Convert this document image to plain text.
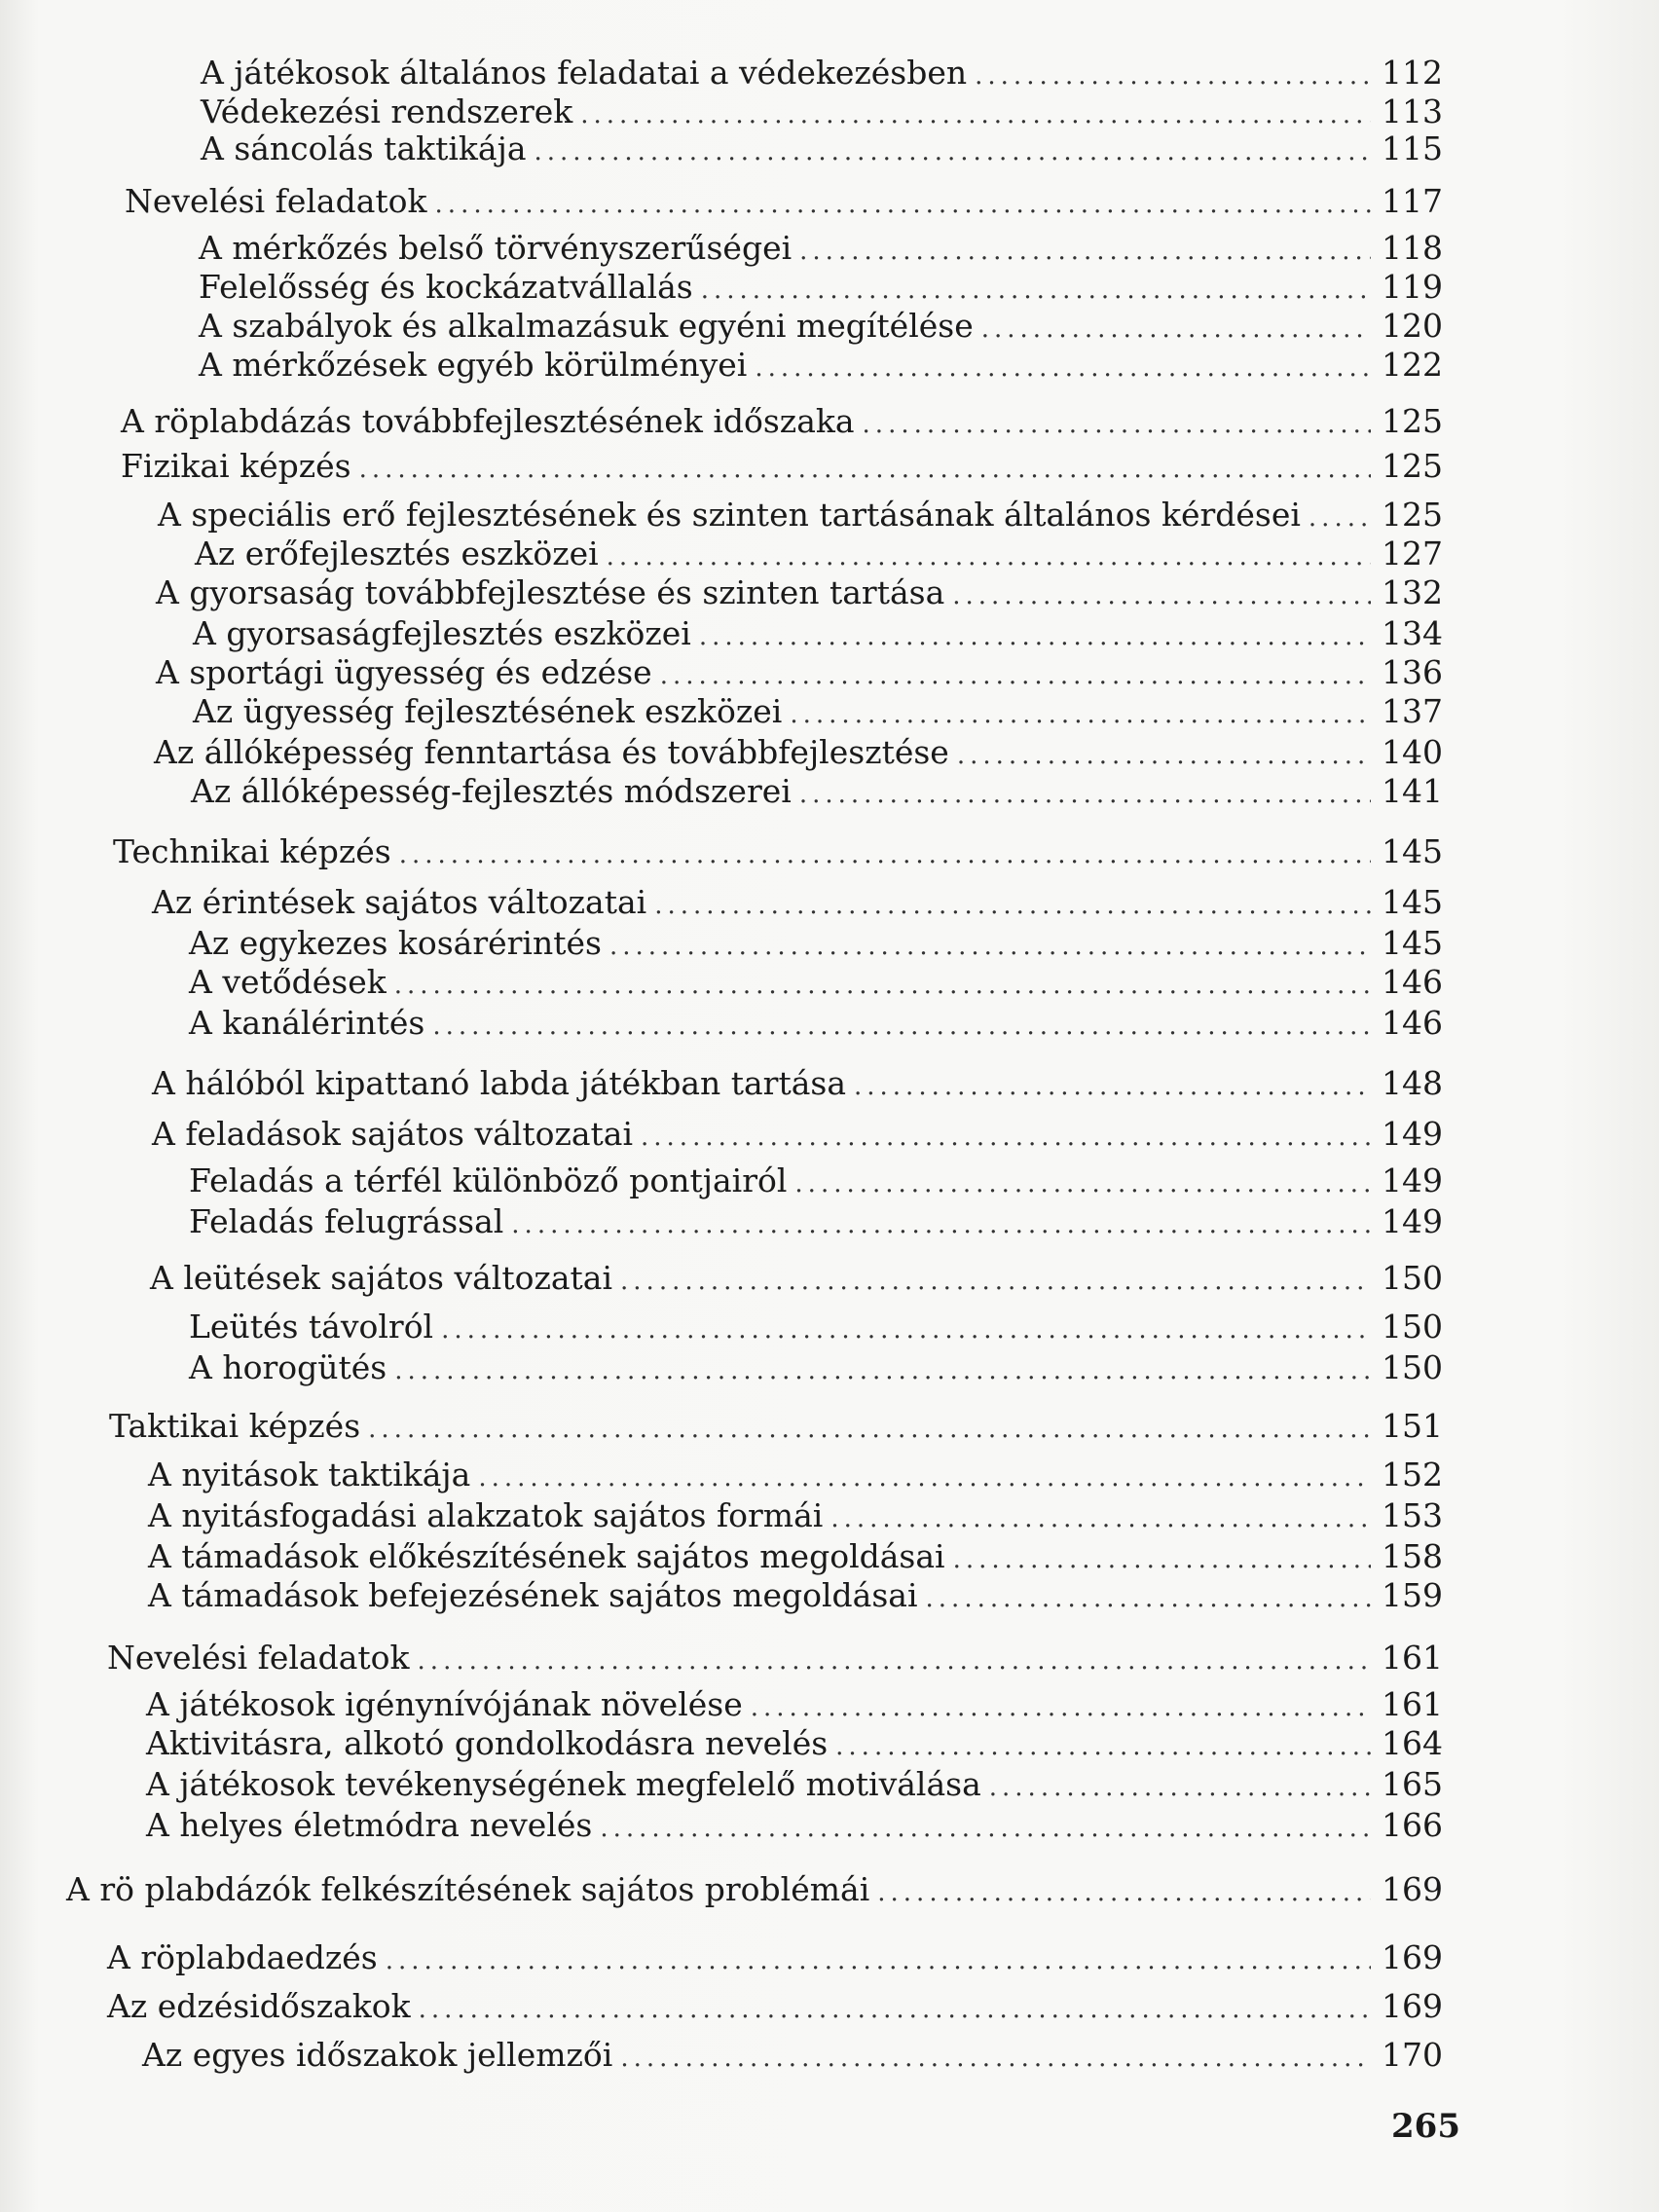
A játékosok általános feladatai a védekezésben .....	112
Védekezési rendszerek .....	113
A sáncolás taktikája .....	115
Nevelési feladatok .....	117
A mérkőzés belső törvényszerűségei .....	118
Felelősség és kockázatvállalás .....	119
A szabályok és alkalmazásuk egyéni megítélése .....	120
A mérkőzések egyéb körülményei .....	122
A röplabdázás továbbfejlesztésének időszaka .....	125
Fizikai képzés .....	125
A speciális erő fejlesztésének és szinten tartásának általános kérdései .....	125
Az erőfejlesztés eszközei .....	127
A gyorsaság továbbfejlesztése és szinten tartása .....	132
A gyorsaságfejlesztés eszközei .....	134
A sportági ügyesség és edzése .....	136
Az ügyesség fejlesztésének eszközei .....	137
Az állóképesség fenntartása és továbbfejlesztése .....	140
Az állóképesség-fejlesztés módszerei .....	141
Technikai képzés .....	145
Az érintések sajátos változatai .....	145
Az egykezes kosárérintés .....	145
A vetődések .....	146
A kanálérintés .....	146
A hálóból kipattanó labda játékban tartása .....	148
A feladások sajátos változatai .....	149
Feladás a térfél különböző pontjairól .....	149
Feladás felugrással .....	149
A leütések sajátos változatai .....	150
Leütés távolról .....	150
A horogütés .....	150
Taktikai képzés .....	151
A nyitások taktikája .....	152
A nyitásfogadási alakzatok sajátos formái .....	153
A támadások előkészítésének sajátos megoldásai .....	158
A támadások befejezésének sajátos megoldásai .....	159
Nevelési feladatok .....	161
A játékosok igénynívójának növelése .....	161
Aktivitásra, alkotó gondolkodásra nevelés .....	164
A játékosok tevékenységének megfelelő motiválása .....	165
A helyes életmódra nevelés .....	166
A rö plabdázók felkészítésének sajátos problémái .....	169
A röplabdaedzés .....	169
Az edzésidőszakok .....	169
Az egyes időszakok jellemzői .....	170
265
